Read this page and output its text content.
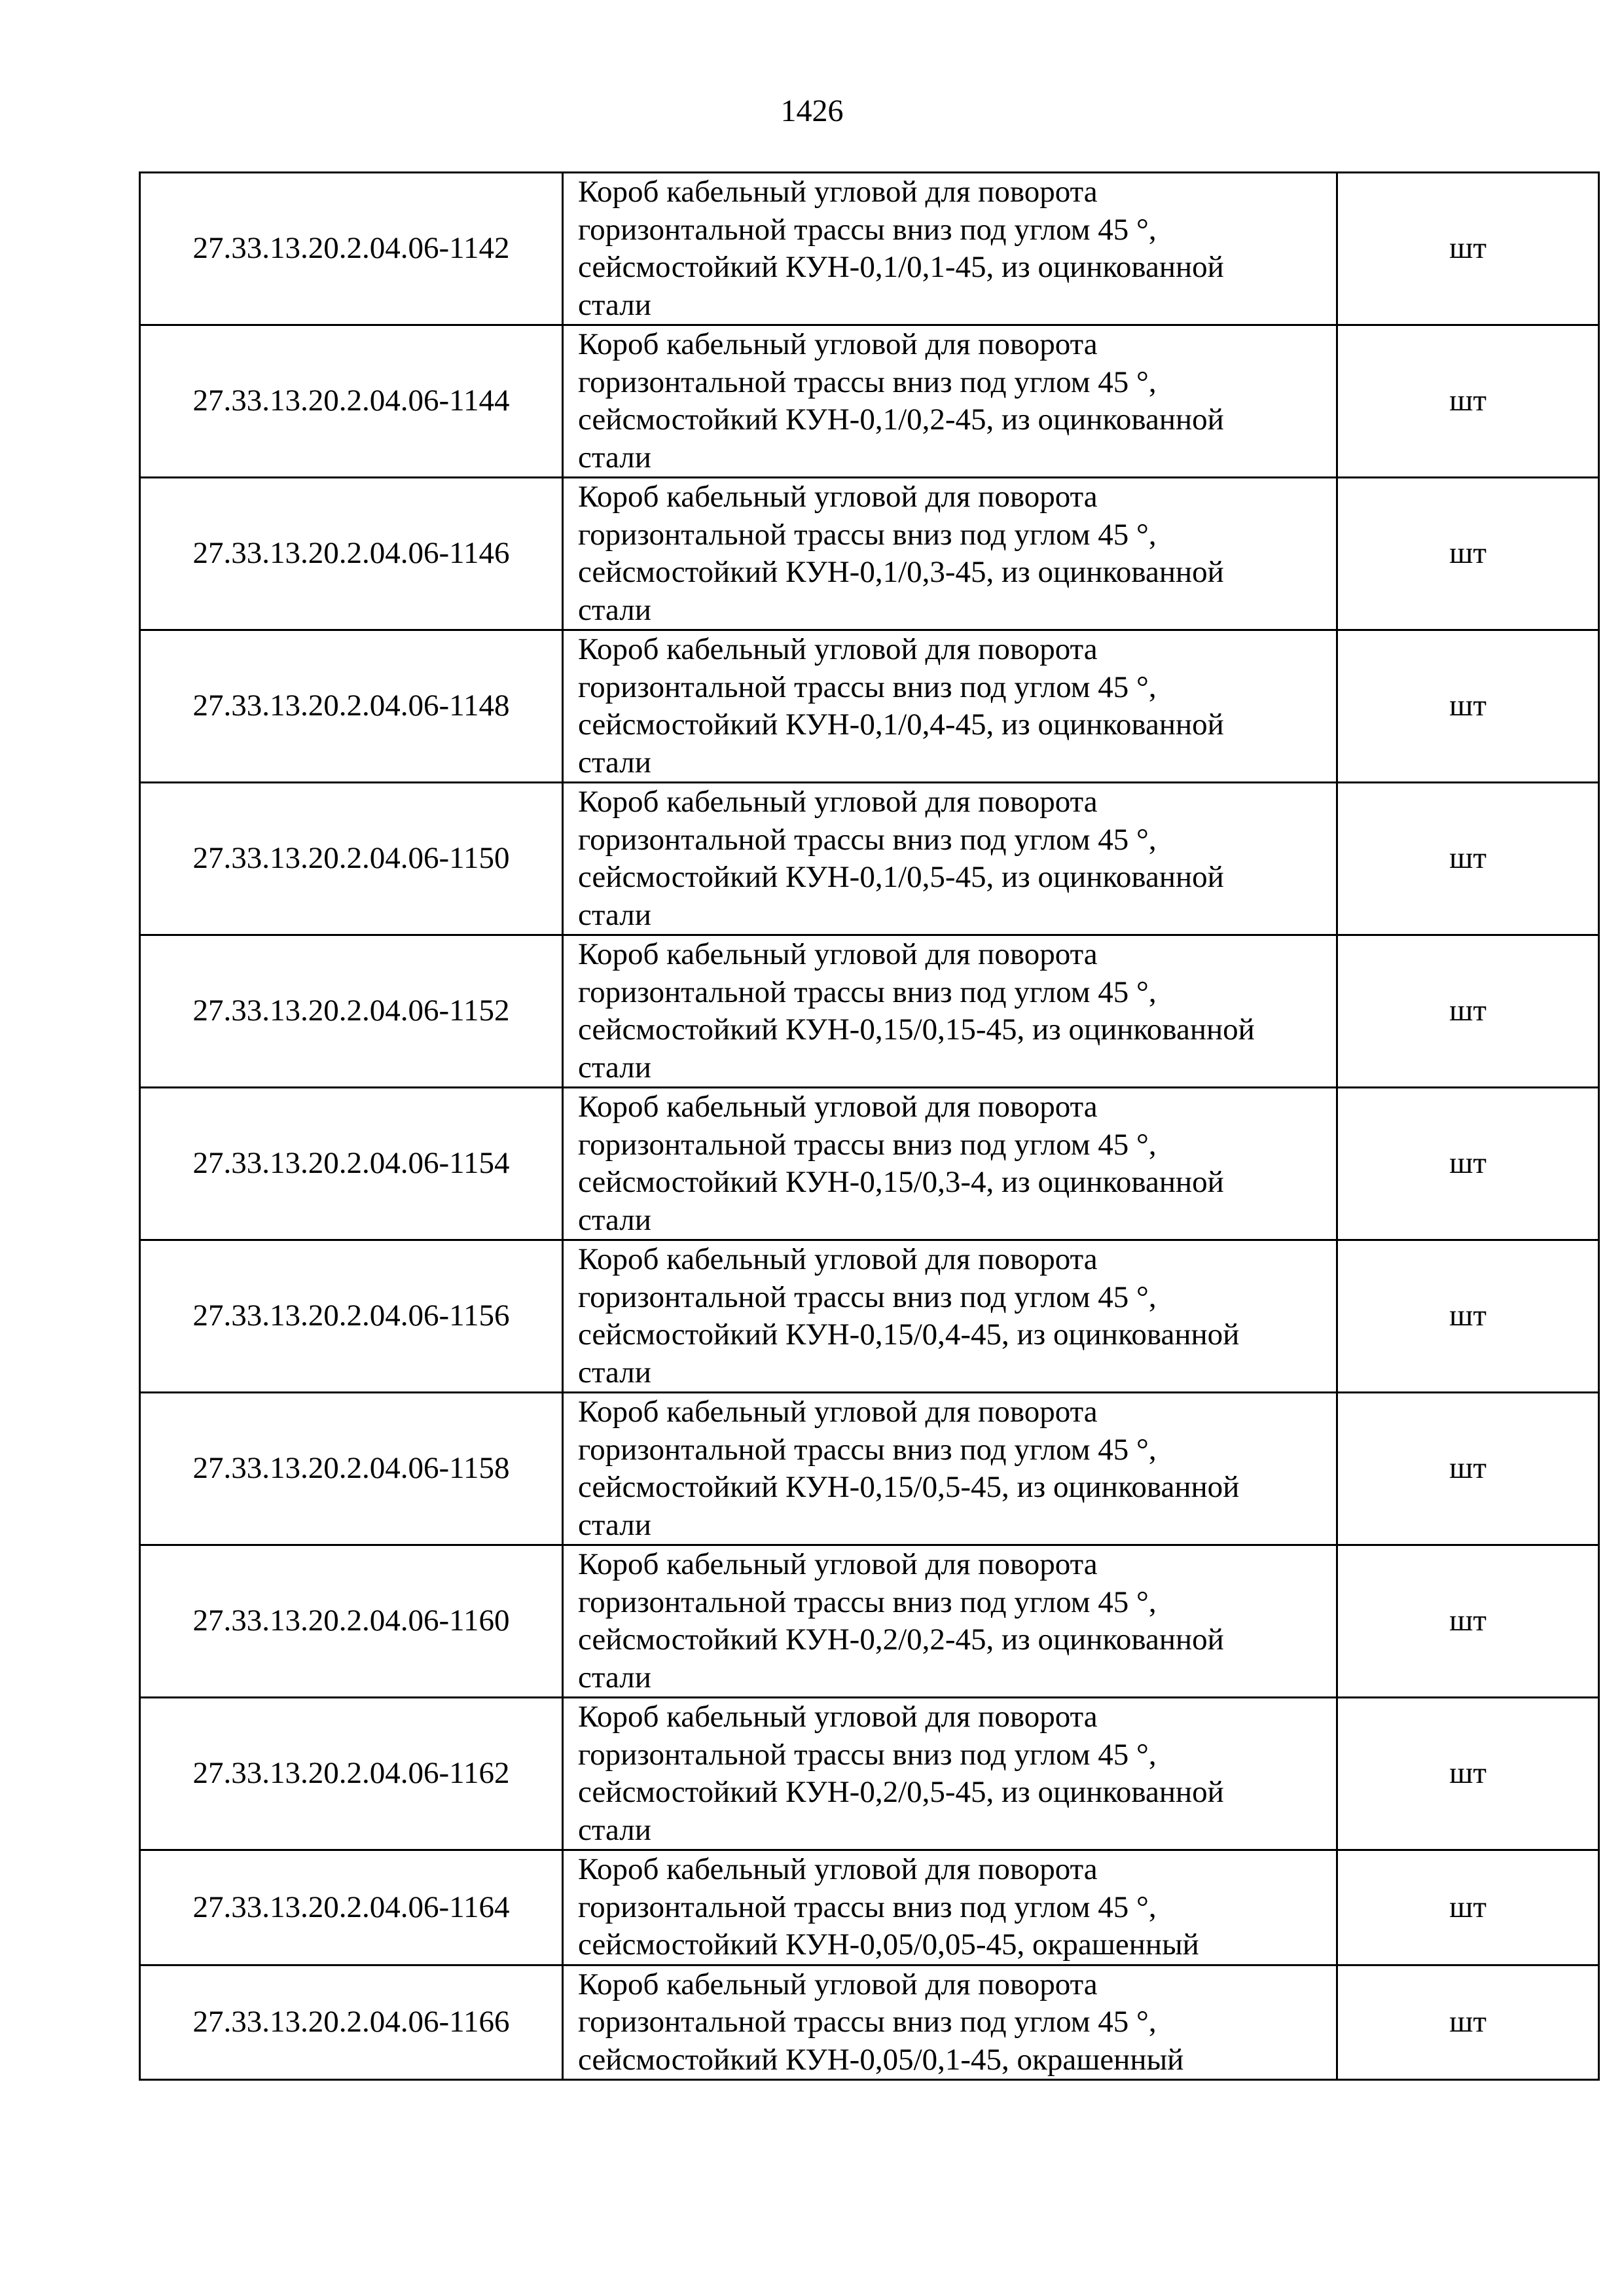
1426
27.33.13.20.2.04.06-1142	Короб кабельный угловой для поворота
горизонтальной трассы вниз под углом 45 °,
сейсмостойкий КУН-0,1/0,1-45, из оцинкованной
стали	шт
27.33.13.20.2.04.06-1144	Короб кабельный угловой для поворота
горизонтальной трассы вниз под углом 45 °,
сейсмостойкий КУН-0,1/0,2-45, из оцинкованной
стали	шт
27.33.13.20.2.04.06-1146	Короб кабельный угловой для поворота
горизонтальной трассы вниз под углом 45 °,
сейсмостойкий КУН-0,1/0,3-45, из оцинкованной
стали	шт
27.33.13.20.2.04.06-1148	Короб кабельный угловой для поворота
горизонтальной трассы вниз под углом 45 °,
сейсмостойкий КУН-0,1/0,4-45, из оцинкованной
стали	шт
27.33.13.20.2.04.06-1150	Короб кабельный угловой для поворота
горизонтальной трассы вниз под углом 45 °,
сейсмостойкий КУН-0,1/0,5-45, из оцинкованной
стали	шт
27.33.13.20.2.04.06-1152	Короб кабельный угловой для поворота
горизонтальной трассы вниз под углом 45 °,
сейсмостойкий КУН-0,15/0,15-45, из оцинкованной
стали	шт
27.33.13.20.2.04.06-1154	Короб кабельный угловой для поворота
горизонтальной трассы вниз под углом 45 °,
сейсмостойкий КУН-0,15/0,3-4, из оцинкованной
стали	шт
27.33.13.20.2.04.06-1156	Короб кабельный угловой для поворота
горизонтальной трассы вниз под углом 45 °,
сейсмостойкий КУН-0,15/0,4-45, из оцинкованной
стали	шт
27.33.13.20.2.04.06-1158	Короб кабельный угловой для поворота
горизонтальной трассы вниз под углом 45 °,
сейсмостойкий КУН-0,15/0,5-45, из оцинкованной
стали	шт
27.33.13.20.2.04.06-1160	Короб кабельный угловой для поворота
горизонтальной трассы вниз под углом 45 °,
сейсмостойкий КУН-0,2/0,2-45, из оцинкованной
стали	шт
27.33.13.20.2.04.06-1162	Короб кабельный угловой для поворота
горизонтальной трассы вниз под углом 45 °,
сейсмостойкий КУН-0,2/0,5-45, из оцинкованной
стали	шт
27.33.13.20.2.04.06-1164	Короб кабельный угловой для поворота
горизонтальной трассы вниз под углом 45 °,
сейсмостойкий КУН-0,05/0,05-45, окрашенный	шт
27.33.13.20.2.04.06-1166	Короб кабельный угловой для поворота
горизонтальной трассы вниз под углом 45 °,
сейсмостойкий КУН-0,05/0,1-45, окрашенный	шт
